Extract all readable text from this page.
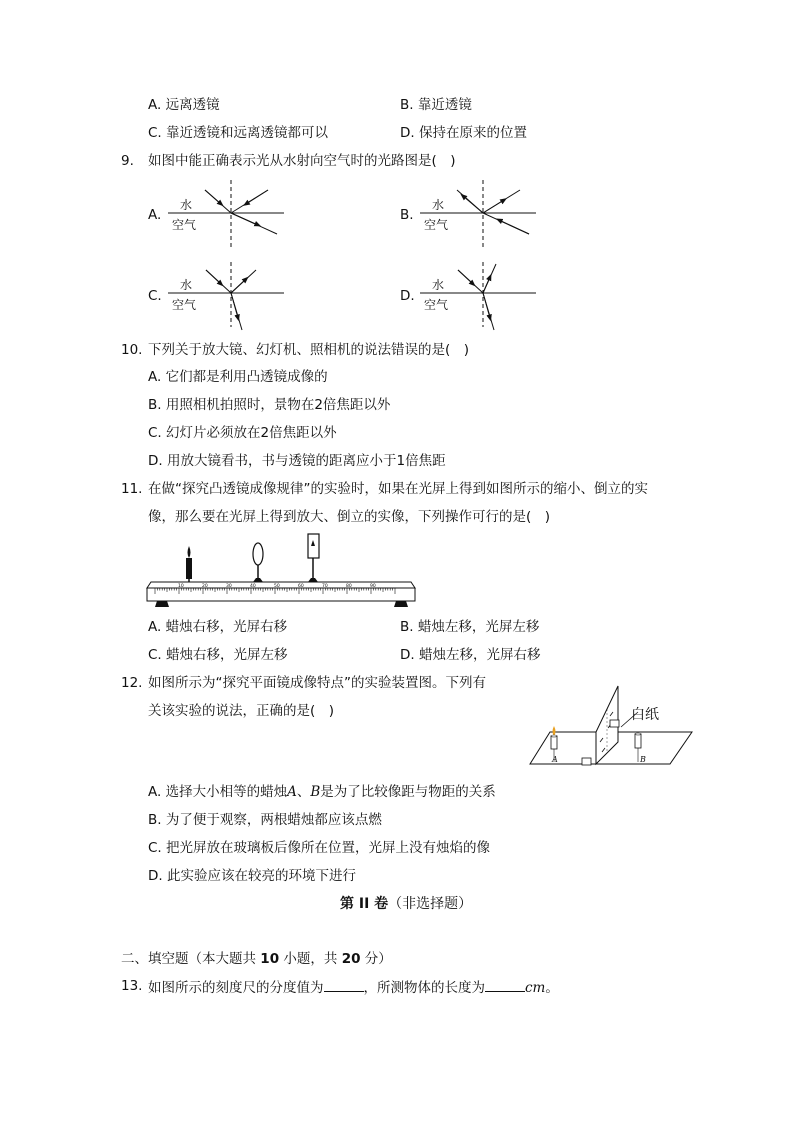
A. 远离透镜	B. 靠近透镜
C. 靠近透镜和远离透镜都可以	D. 保持在原来的位置
9. 如图中能正确表示光从水射向空气时的光路图是(　)
A.	B.
C.	D.
水
空气
水
空气
水
空气
水
空气
10. 下列关于放大镜、幻灯机、照相机的说法错误的是(　)
A. 它们都是利用凸透镜成像的
B. 用照相机拍照时，景物在2倍焦距以外
C. 幻灯片必须放在2倍焦距以外
D. 用放大镜看书，书与透镜的距离应小于1倍焦距
11. 在做“探究凸透镜成像规律”的实验时，如果在光屏上得到如图所示的缩小、倒立的实
像，那么要在光屏上得到放大、倒立的实像，下列操作可行的是(　)
10	20	30	40	50	60	70	80	90
A. 蜡烛右移，光屏右移	B. 蜡烛左移，光屏左移
C. 蜡烛右移，光屏左移	D. 蜡烛左移，光屏右移
12. 如图所示为“探究平面镜成像特点”的实验装置图。下列有
关该实验的说法，正确的是(　)
A	B
白纸
A. 选择大小相等的蜡烛A、B是为了比较像距与物距的关系
B. 为了便于观察，两根蜡烛都应该点燃
C. 把光屏放在玻璃板后像所在位置，光屏上没有烛焰的像
D. 此实验应该在较亮的环境下进行
第 II 卷（非选择题）
二、填空题（本大题共 10 小题，共 20 分）
13. 如图所示的刻度尺的分度值为	，所测物体的长度为	cm。
